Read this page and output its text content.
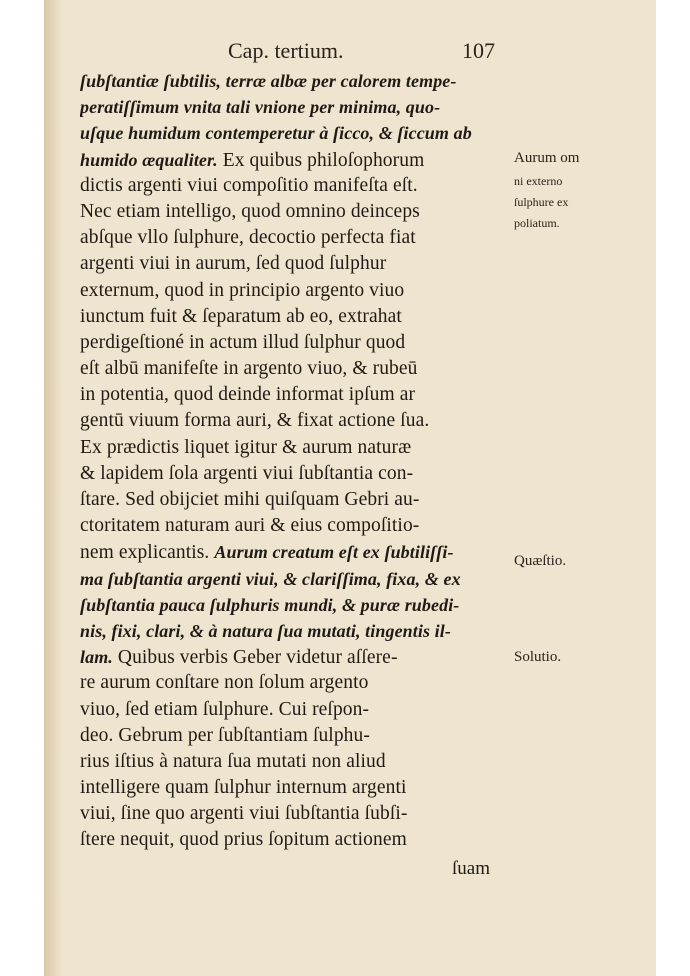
Cap. tertium.	107
ſubſtantiæ ſubtilis, terræ albæ per calorem tempe-
peratiſſimum vnita tali vnione per minima, quo-
uſque humidum contemperetur à ſicco, & ſiccum ab
humido æqualiter. Ex quibus philoſophorum
dictis argenti viui compoſitio manifeſta eſt.
Nec etiam intelligo, quod omnino deinceps
abſque vllo ſulphure, decoctio perfecta fiat
argenti viui in aurum, ſed quod ſulphur
externum, quod in principio argento viuo
iunctum fuit & ſeparatum ab eo, extrahat
perdigeſtioné in actum illud ſulphur quod
eſt albū manifeſte in argento viuo, & rubeū
in potentia, quod deinde informat ipſum ar
gentū viuum forma auri, & fixat actione ſua.
Ex prædictis liquet igitur & aurum naturæ
& lapidem ſola argenti viui ſubſtantia con-
ſtare. Sed obijciet mihi quiſquam Gebri au-
ctoritatem naturam auri & eius compoſitio-
nem explicantis. Aurum creatum eſt ex ſubtiliſſi-
ma ſubſtantia argenti viui, & clariſſima, fixa, & ex
ſubſtantia pauca ſulphuris mundi, & puræ rubedi-
nis, fixi, clari, & à natura ſua mutati, tingentis il-
lam. Quibus verbis Geber videtur aſſere-
re aurum conſtare non ſolum argento
viuo, ſed etiam ſulphure. Cui reſpon-
deo. Gebrum per ſubſtantiam ſulphu-
rius iſtius à natura ſua mutati non aliud
intelligere quam ſulphur internum argenti
viui, ſine quo argenti viui ſubſtantia ſubſi-
ſtere nequit, quod prius ſopitum actionem
ſuam
Aurum om
ni externo
ſulphure ex
poliatum.
Quæſtio.
Solutio.
